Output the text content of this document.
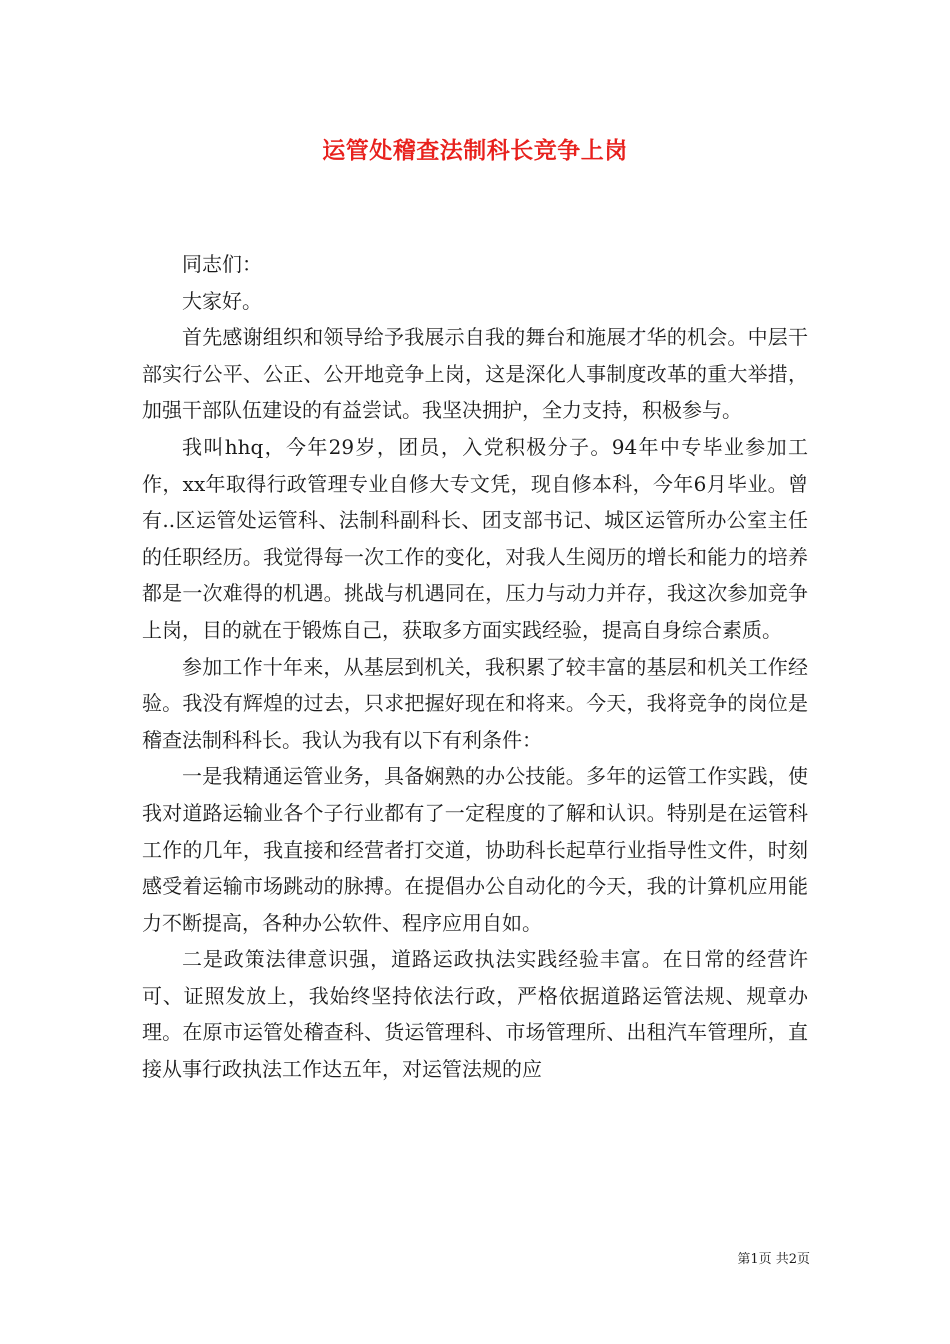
运管处稽查法制科长竞争上岗

同志们：

大家好。

首先感谢组织和领导给予我展示自我的舞台和施展才华的机会。中层干部实行公平、公正、公开地竞争上岗，这是深化人事制度改革的重大举措，加强干部队伍建设的有益尝试。我坚决拥护，全力支持，积极参与。

我叫hhq，今年29岁，团员，入党积极分子。94年中专毕业参加工作，xx年取得行政管理专业自修大专文凭，现自修本科，今年6月毕业。曾有..区运管处运管科、法制科副科长、团支部书记、城区运管所办公室主任的任职经历。我觉得每一次工作的变化，对我人生阅历的增长和能力的培养都是一次难得的机遇。挑战与机遇同在，压力与动力并存，我这次参加竞争上岗，目的就在于锻炼自己，获取多方面实践经验，提高自身综合素质。

参加工作十年来，从基层到机关，我积累了较丰富的基层和机关工作经验。我没有辉煌的过去，只求把握好现在和将来。今天，我将竞争的岗位是稽查法制科科长。我认为我有以下有利条件：

一是我精通运管业务，具备娴熟的办公技能。多年的运管工作实践，使我对道路运输业各个子行业都有了一定程度的了解和认识。特别是在运管科工作的几年，我直接和经营者打交道，协助科长起草行业指导性文件，时刻感受着运输市场跳动的脉搏。在提倡办公自动化的今天，我的计算机应用能力不断提高，各种办公软件、程序应用自如。

二是政策法律意识强，道路运政执法实践经验丰富。在日常的经营许可、证照发放上，我始终坚持依法行政，严格依据道路运管法规、规章办理。在原市运管处稽查科、货运管理科、市场管理所、出租汽车管理所，直接从事行政执法工作达五年，对运管法规的应

第1页 共2页
